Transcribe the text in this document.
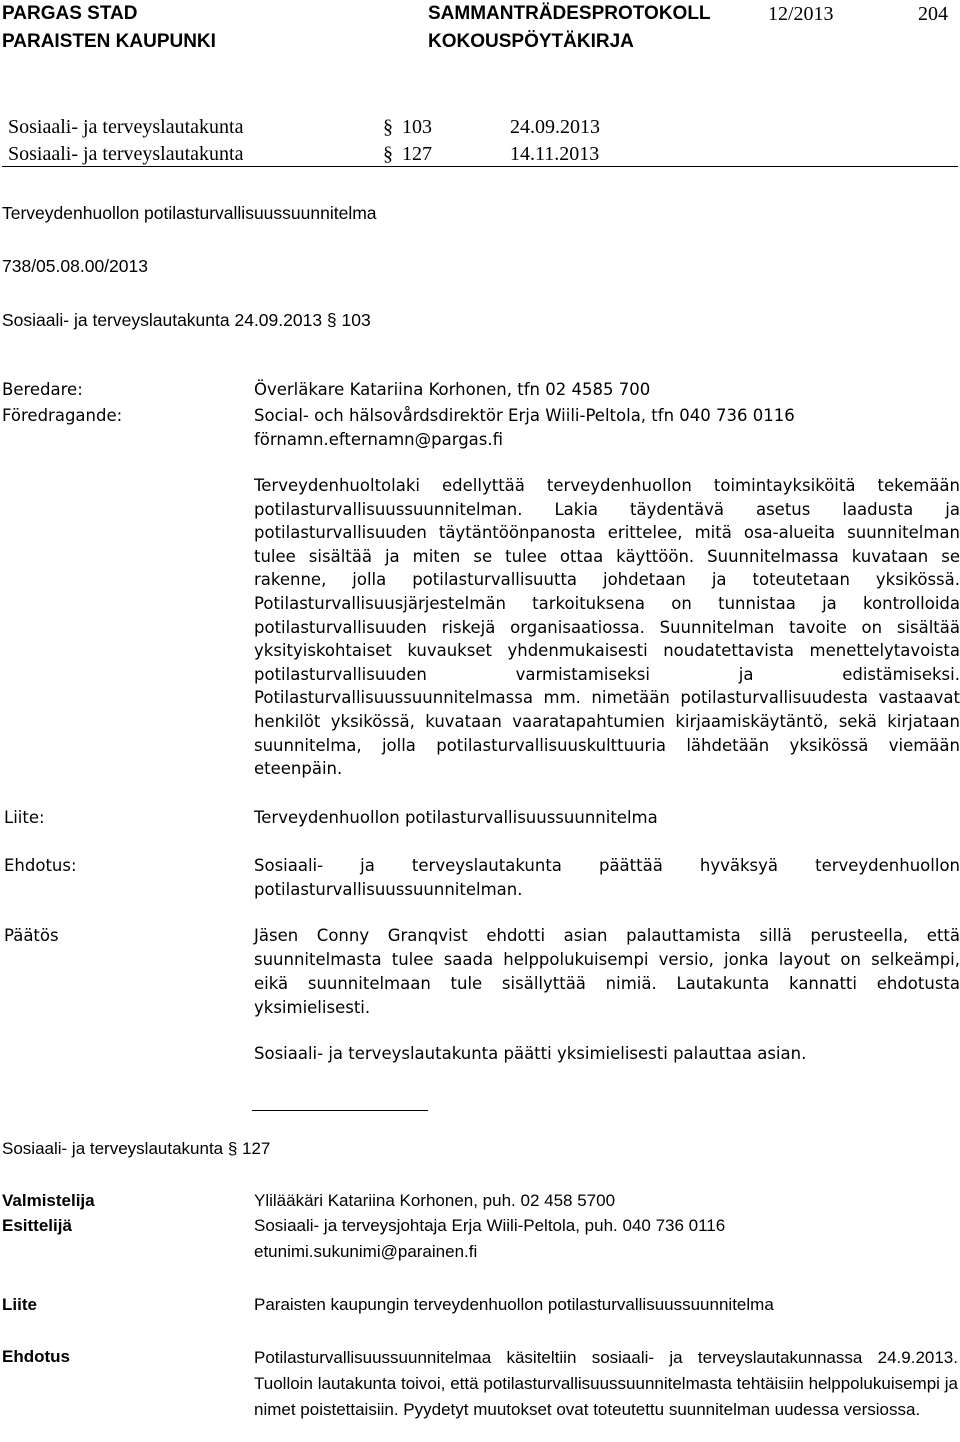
PARGAS STAD
PARAISTEN KAUPUNKI
SAMMANTRÄDESPROTOKOLL
KOKOUSPÖYTÄKIRJA
12/2013	204
Sosiaali- ja terveyslautakunta	§ 103	24.09.2013
Sosiaali- ja terveyslautakunta	§ 127	14.11.2013
Terveydenhuollon potilasturvallisuussuunnitelma
738/05.08.00/2013
Sosiaali- ja terveyslautakunta 24.09.2013 § 103
Beredare:	Överläkare Katariina Korhonen, tfn 02 4585 700
Föredragande:	Social- och hälsovårdsdirektör Erja Wiili-Peltola, tfn 040 736 0116
förnamn.efternamn@pargas.fi
Terveydenhuoltolaki edellyttää terveydenhuollon toimintayksiköitä tekemään potilasturvallisuussuunnitelman. Lakia täydentävä asetus laadusta ja potilasturvallisuuden täytäntöönpanosta erittelee, mitä osa-alueita suunnitelman tulee sisältää ja miten se tulee ottaa käyttöön. Suunnitelmassa kuvataan se rakenne, jolla potilasturvallisuutta johdetaan ja toteutetaan yksikössä. Potilasturvallisuusjärjestelmän tarkoituksena on tunnistaa ja kontrolloida potilasturvallisuuden riskejä organisaatiossa. Suunnitelman tavoite on sisältää yksityiskohtaiset kuvaukset yhdenmukaisesti noudatettavista menettelytavoista potilasturvallisuuden varmistamiseksi ja edistämiseksi. Potilasturvallisuussuunnitelmassa mm. nimetään potilasturvallisuudesta vastaavat henkilöt yksikössä, kuvataan vaaratapahtumien kirjaamiskäytäntö, sekä kirjataan suunnitelma, jolla potilasturvallisuuskulttuuria lähdetään yksikössä viemään eteenpäin.
Liite:	Terveydenhuollon potilasturvallisuussuunnitelma
Ehdotus:	Sosiaali- ja terveyslautakunta päättää hyväksyä terveydenhuollon potilasturvallisuussuunnitelman.
Päätös	Jäsen Conny Granqvist ehdotti asian palauttamista sillä perusteella, että suunnitelmasta tulee saada helppolukuisempi versio, jonka layout on selkeämpi, eikä suunnitelmaan tule sisällyttää nimiä. Lautakunta kannatti ehdotusta yksimielisesti.
Sosiaali- ja terveyslautakunta päätti yksimielisesti palauttaa asian.
Sosiaali- ja terveyslautakunta § 127
Valmistelija	Ylilääkäri Katariina Korhonen, puh. 02 458 5700
Esittelijä	Sosiaali- ja terveysjohtaja Erja Wiili-Peltola, puh. 040 736 0116
etunimi.sukunimi@parainen.fi
Liite	Paraisten kaupungin terveydenhuollon potilasturvallisuussuunnitelma
Ehdotus	Potilasturvallisuussuunnitelmaa käsiteltiin sosiaali- ja terveyslautakunnassa 24.9.2013. Tuolloin lautakunta toivoi, että potilasturvallisuussuunnitelmasta tehtäisiin helppolukuisempi ja nimet poistettaisiin. Pyydetyt muutokset ovat toteutettu suunnitelman uudessa versiossa.
